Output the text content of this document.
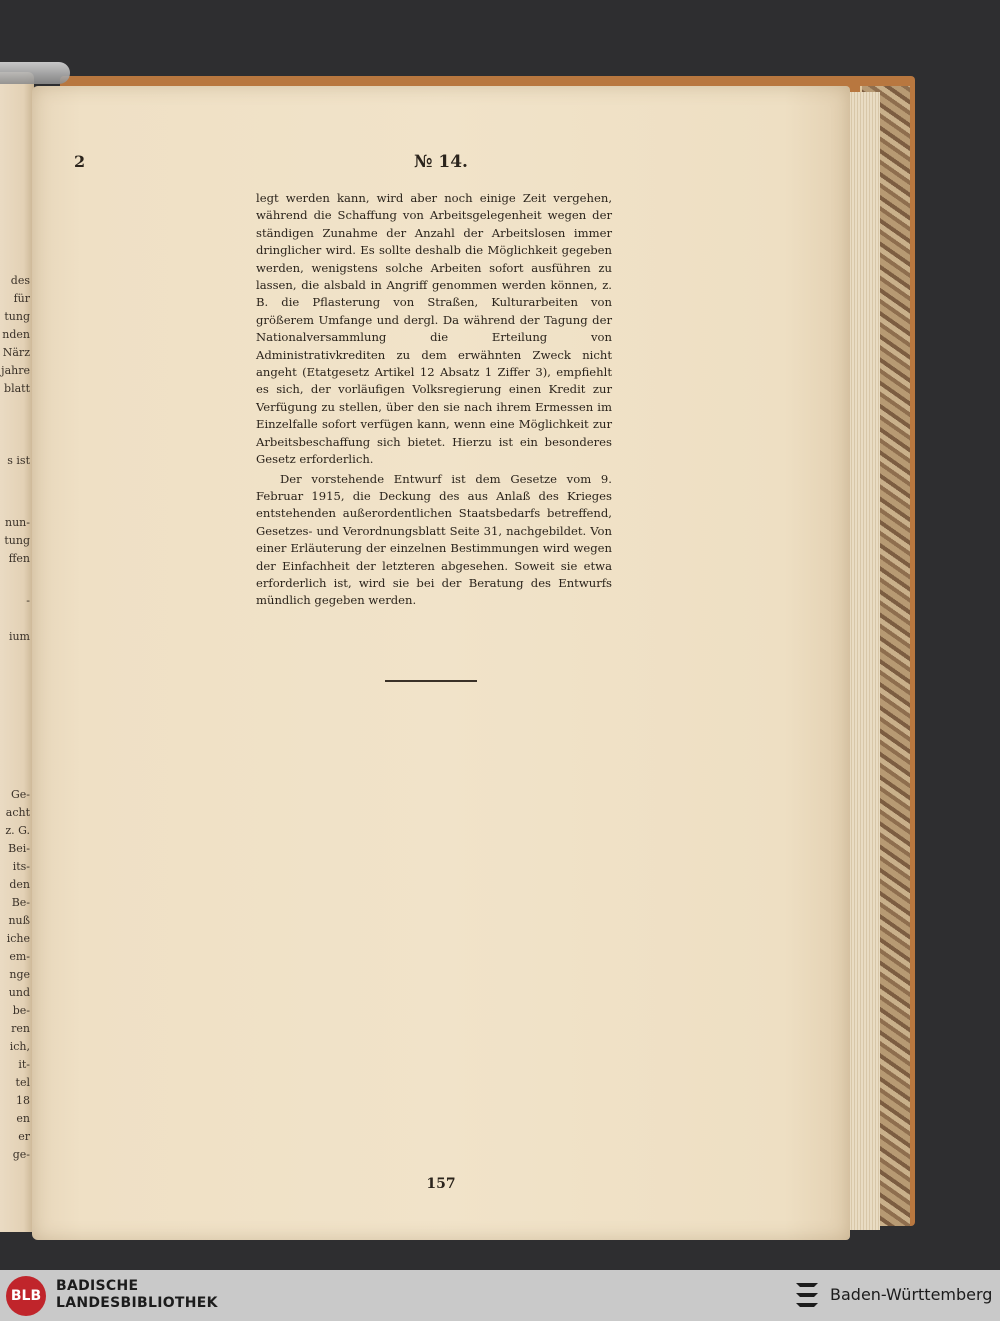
des
für
tung
nden
Närz
jahre
blatt
s ist
nun-
tung
ffen
-
ium
Ge-
acht
z. G.
Bei-
its-
den
Be-
nuß
iche
em-
nge
und
be-
ren
ich,
it-
tel
18
en
er
ge-
2	№ 14.

legt werden kann, wird aber noch einige Zeit vergehen, während die Schaffung von Arbeitsgelegenheit wegen der ständigen Zunahme der Anzahl der Arbeitslosen immer dringlicher wird. Es sollte deshalb die Möglichkeit gegeben werden, wenigstens solche Arbeiten sofort ausführen zu lassen, die alsbald in Angriff genommen werden können, z. B. die Pflasterung von Straßen, Kulturarbeiten von größerem Umfange und dergl. Da während der Tagung der Nationalversammlung die Erteilung von Administrativkrediten zu dem erwähnten Zweck nicht angeht (Etatgesetz Artikel 12 Absatz 1 Ziffer 3), empfiehlt es sich, der vorläufigen Volksregierung einen Kredit zur Verfügung zu stellen, über den sie nach ihrem Ermessen im Einzelfalle sofort verfügen kann, wenn eine Möglichkeit zur Arbeitsbeschaffung sich bietet. Hierzu ist ein besonderes Gesetz erforderlich.

Der vorstehende Entwurf ist dem Gesetze vom 9. Februar 1915, die Deckung des aus Anlaß des Krieges entstehenden außerordentlichen Staatsbedarfs betreffend, Gesetzes- und Verordnungsblatt Seite 31, nachgebildet. Von einer Erläuterung der einzelnen Bestimmungen wird wegen der Einfachheit der letzteren abgesehen. Soweit sie etwa erforderlich ist, wird sie bei der Beratung des Entwurfs mündlich gegeben werden.

157
BLB
BADISCHE
LANDESBIBLIOTHEK	Baden-Württemberg
